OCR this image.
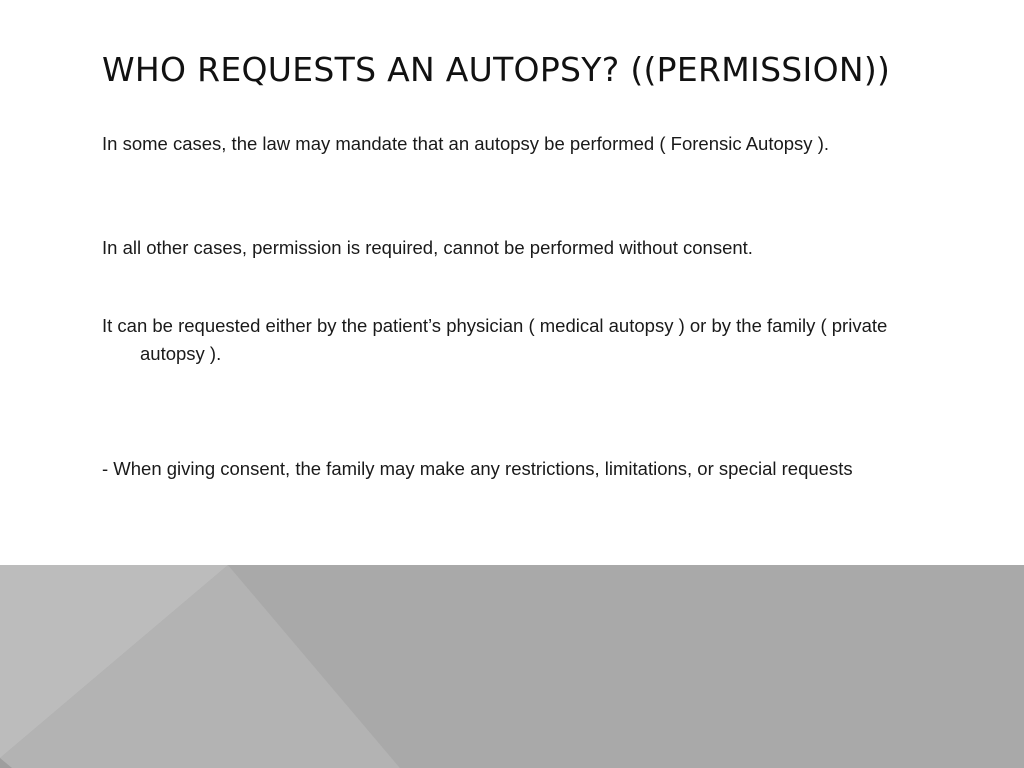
WHO REQUESTS AN AUTOPSY? ((PERMISSION))

In some cases, the law may mandate that an autopsy be performed ( Forensic Autopsy ).

In all other cases, permission is required, cannot be performed without consent.

It can be requested either by the patient’s physician ( medical autopsy ) or by the family ( private autopsy ).

- When giving consent, the family may make any restrictions, limitations, or special requests
